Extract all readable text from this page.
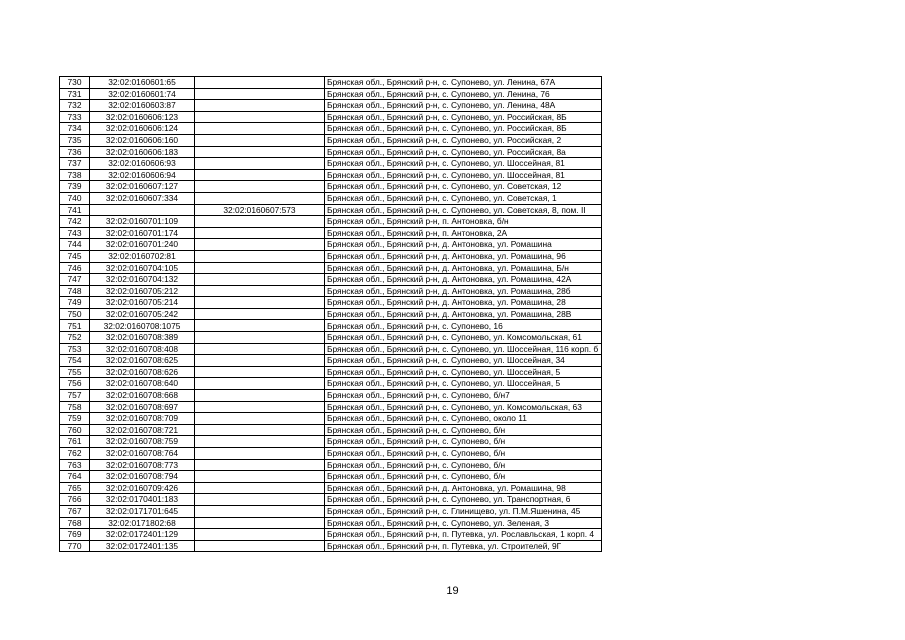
730	32:02:0160601:65		Брянская обл., Брянский р-н, с. Супонево, ул. Ленина, 67А
731	32:02:0160601:74		Брянская обл., Брянский р-н, с. Супонево, ул. Ленина, 76
732	32:02:0160603:87		Брянская обл., Брянский р-н, с. Супонево, ул. Ленина, 48А
733	32:02:0160606:123		Брянская обл., Брянский р-н, с. Супонево, ул. Российская, 8Б
734	32:02:0160606:124		Брянская обл., Брянский р-н, с. Супонево, ул. Российская, 8Б
735	32:02:0160606:160		Брянская обл., Брянский р-н, с. Супонево, ул. Российская, 2
736	32:02:0160606:183		Брянская обл., Брянский р-н, с. Супонево, ул. Российская, 8а
737	32:02:0160606:93		Брянская обл., Брянский р-н, с. Супонево, ул. Шоссейная, 81
738	32:02:0160606:94		Брянская обл., Брянский р-н, с. Супонево, ул. Шоссейная, 81
739	32:02:0160607:127		Брянская обл., Брянский р-н, с. Супонево, ул. Советская, 12
740	32:02:0160607:334		Брянская обл., Брянский р-н, с. Супонево, ул. Советская, 1
741		32:02:0160607:573	Брянская обл., Брянский р-н, с. Супонево, ул. Советская, 8, пом. II
742	32:02:0160701:109		Брянская обл., Брянский р-н, п. Антоновка, б/н
743	32:02:0160701:174		Брянская обл., Брянский р-н, п. Антоновка, 2А
744	32:02:0160701:240		Брянская обл., Брянский р-н, д. Антоновка, ул. Ромашина
745	32:02:0160702:81		Брянская обл., Брянский р-н, д. Антоновка, ул. Ромашина, 96
746	32:02:0160704:105		Брянская обл., Брянский р-н, д. Антоновка, ул. Ромашина, Б/н
747	32:02:0160704:132		Брянская обл., Брянский р-н, д. Антоновка, ул. Ромашина, 42А
748	32:02:0160705:212		Брянская обл., Брянский р-н, д. Антоновка, ул. Ромашина, 28б
749	32:02:0160705:214		Брянская обл., Брянский р-н, д. Антоновка, ул. Ромашина, 28
750	32:02:0160705:242		Брянская обл., Брянский р-н, д. Антоновка, ул. Ромашина, 28В
751	32:02:0160708:1075		Брянская обл., Брянский р-н, с. Супонево, 16
752	32:02:0160708:389		Брянская обл., Брянский р-н, с. Супонево, ул. Комсомольская, 61
753	32:02:0160708:408		Брянская обл., Брянский р-н, с. Супонево, ул. Шоссейная, 116 корп. б
754	32:02:0160708:625		Брянская обл., Брянский р-н, с. Супонево, ул. Шоссейная, 34
755	32:02:0160708:626		Брянская обл., Брянский р-н, с. Супонево, ул. Шоссейная, 5
756	32:02:0160708:640		Брянская обл., Брянский р-н, с. Супонево, ул. Шоссейная, 5
757	32:02:0160708:668		Брянская обл., Брянский р-н, с. Супонево, б/н7
758	32:02:0160708:697		Брянская обл., Брянский р-н, с. Супонево, ул. Комсомольская, 63
759	32:02:0160708:709		Брянская обл., Брянский р-н, с. Супонево, около 11
760	32:02:0160708:721		Брянская обл., Брянский р-н, с. Супонево, б/н
761	32:02:0160708:759		Брянская обл., Брянский р-н, с. Супонево, б/н
762	32:02:0160708:764		Брянская обл., Брянский р-н, с. Супонево, б/н
763	32:02:0160708:773		Брянская обл., Брянский р-н, с. Супонево, б/н
764	32:02:0160708:794		Брянская обл., Брянский р-н, с. Супонево, б/н
765	32:02:0160709:426		Брянская обл., Брянский р-н, д. Антоновка, ул. Ромашина, 98
766	32:02:0170401:183		Брянская обл., Брянский р-н, с. Супонево, ул. Транспортная, 6
767	32:02:0171701:645		Брянская обл., Брянский р-н, с. Глинищево, ул. П.М.Яшенина, 45
768	32:02:0171802:68		Брянская обл., Брянский р-н, с. Супонево, ул. Зеленая, 3
769	32:02:0172401:129		Брянская обл., Брянский р-н, п. Путевка, ул. Рославльская, 1 корп. 4
770	32:02:0172401:135		Брянская обл., Брянский р-н, п. Путевка, ул. Строителей, 9Г
19
